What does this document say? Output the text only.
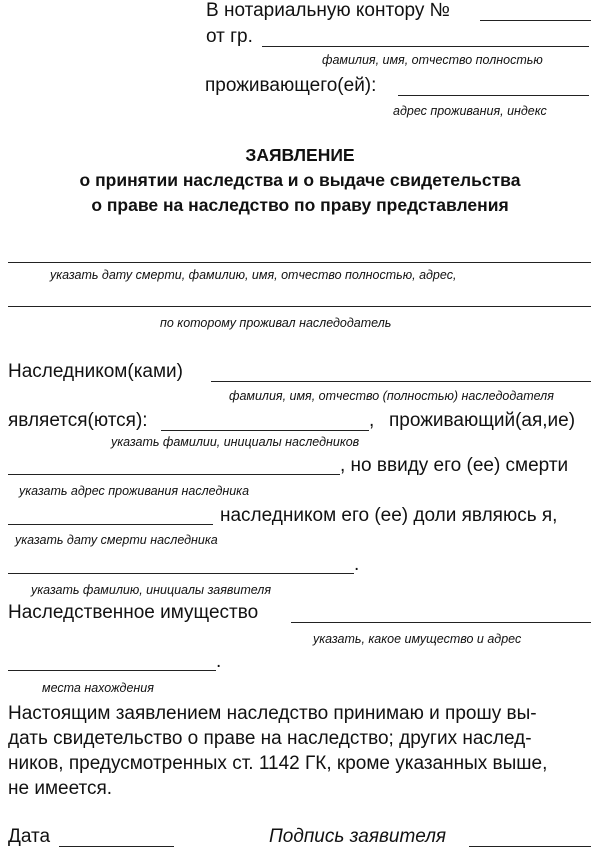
В нотариальную контору №
от гр.
фамилия, имя, отчество полностью
проживающего(ей):
адрес проживания, индекс
ЗАЯВЛЕНИЕ
о принятии наследства и о выдаче свидетельства
о праве на наследство по праву представления
указать дату смерти, фамилию, имя, отчество полностью, адрес,
по которому проживал наследодатель
Наследником(ками)
фамилия, имя, отчество (полностью) наследодателя
является(ются):	, проживающий(ая,ие)
указать фамилии, инициалы наследников
, но ввиду его (ее) смерти
указать адрес проживания наследника
наследником его (ее) доли являюсь я,
указать дату смерти наследника
.
указать фамилию, инициалы заявителя
Наследственное имущество
указать, какое имущество и адрес
.
места нахождения
Настоящим заявлением наследство принимаю и прошу вы-
дать свидетельство о праве на наследство; других наслед-
ников, предусмотренных ст. 1142 ГК, кроме указанных выше,
не имеется.
Дата	Подпись заявителя
